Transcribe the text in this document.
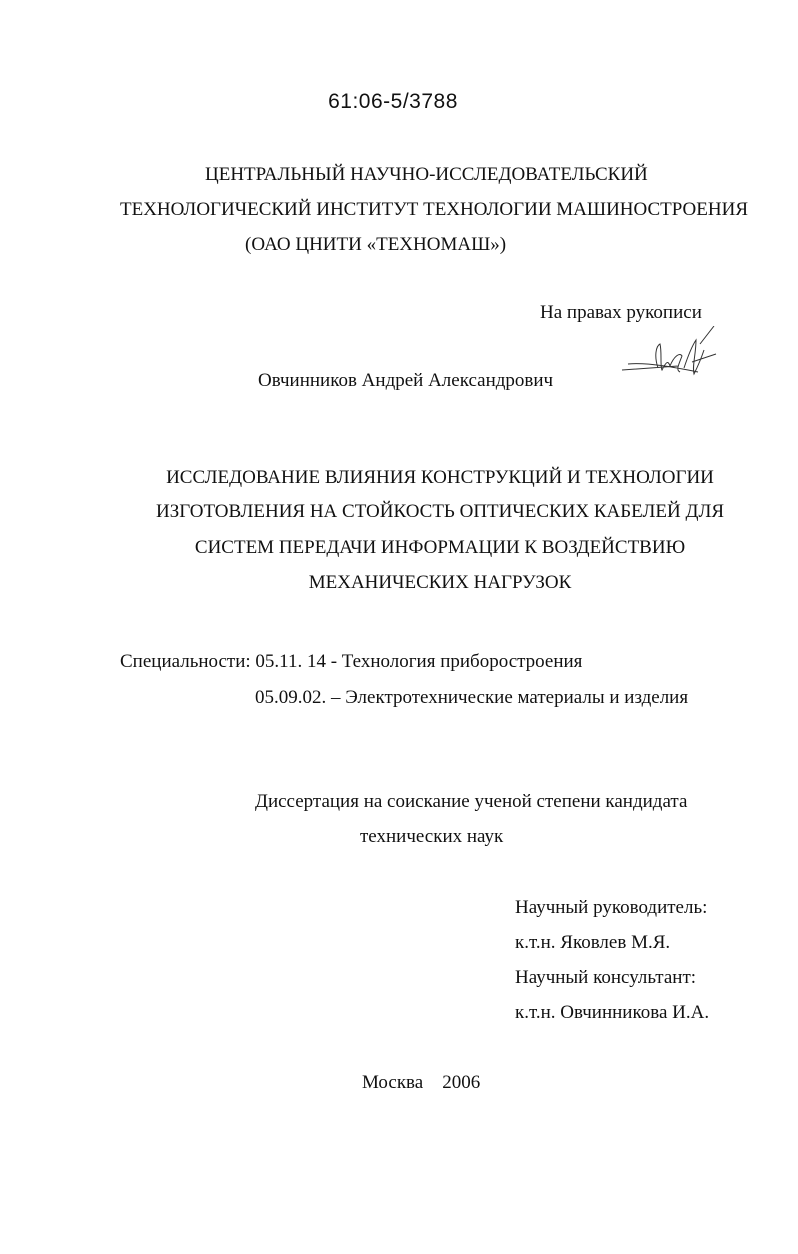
61:06-5/3788
ЦЕНТРАЛЬНЫЙ НАУЧНО-ИССЛЕДОВАТЕЛЬСКИЙ
ТЕХНОЛОГИЧЕСКИЙ ИНСТИТУТ ТЕХНОЛОГИИ МАШИНОСТРОЕНИЯ
(ОАО ЦНИТИ «ТЕХНОМАШ»)
На правах рукописи
Овчинников Андрей Александрович
ИССЛЕДОВАНИЕ ВЛИЯНИЯ КОНСТРУКЦИЙ И ТЕХНОЛОГИИ
ИЗГОТОВЛЕНИЯ НА СТОЙКОСТЬ ОПТИЧЕСКИХ КАБЕЛЕЙ ДЛЯ
СИСТЕМ ПЕРЕДАЧИ ИНФОРМАЦИИ К ВОЗДЕЙСТВИЮ
МЕХАНИЧЕСКИХ НАГРУЗОК
Специальности: 05.11. 14 - Технология приборостроения
05.09.02. – Электротехнические материалы и изделия
Диссертация на соискание ученой степени кандидата
технических наук
Научный руководитель:
к.т.н. Яковлев М.Я.
Научный консультант:
к.т.н. Овчинникова И.А.
Москва    2006
